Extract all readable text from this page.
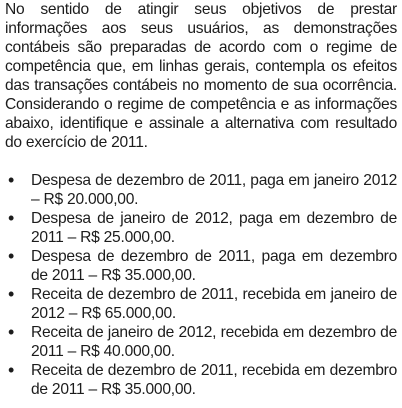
No sentido de atingir seus objetivos de prestar informações aos seus usuários, as demonstrações contábeis são preparadas de acordo com o regime de competência que, em linhas gerais, contempla os efeitos das transações contábeis no momento de sua ocorrência. Considerando o regime de competência e as informações abaixo, identifique e assinale a alternativa com resultado do exercício de 2011.

•
Despesa de dezembro de 2011, paga em janeiro 2012 – R$ 20.000,00.
•
Despesa de janeiro de 2012, paga em dezembro de 2011 – R$ 25.000,00.
•
Despesa de dezembro de 2011, paga em dezembro de 2011 – R$ 35.000,00.
•
Receita de dezembro de 2011, recebida em janeiro de 2012 – R$ 65.000,00.
•
Receita de janeiro de 2012, recebida em dezembro de 2011 – R$ 40.000,00.
•
Receita de dezembro de 2011, recebida em dezembro de 2011 – R$ 35.000,00.
